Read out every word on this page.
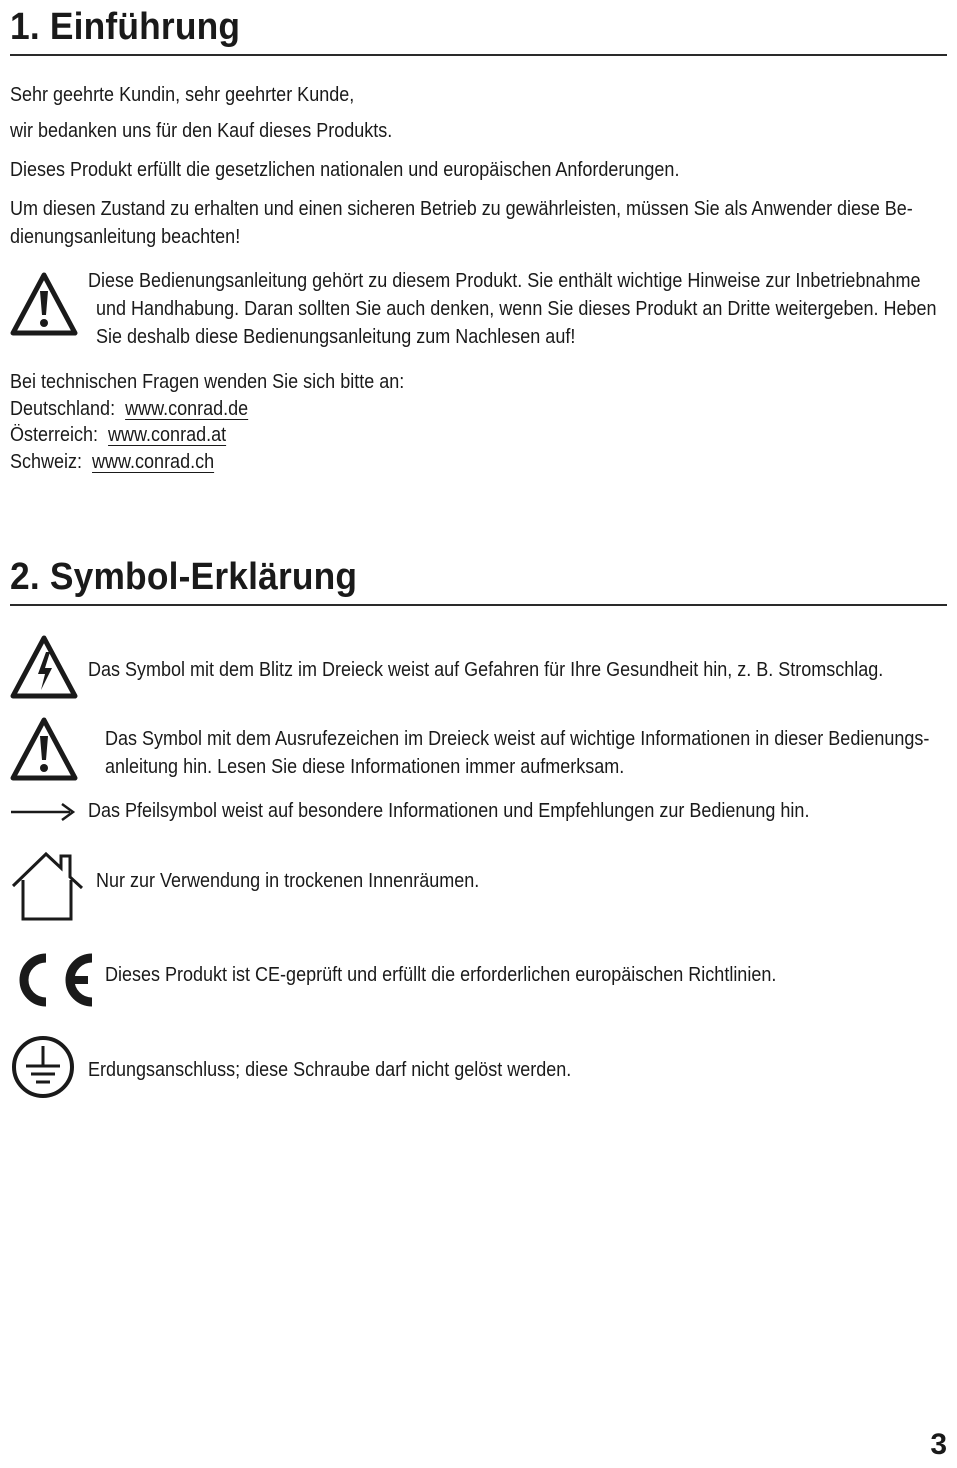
1. Einführung
Sehr geehrte Kundin, sehr geehrter Kunde,
wir bedanken uns für den Kauf dieses Produkts.
Dieses Produkt erfüllt die gesetzlichen nationalen und europäischen Anforderungen.
Um diesen Zustand zu erhalten und einen sicheren Betrieb zu gewährleisten, müssen Sie als Anwender diese Be-
dienungsanleitung beachten!
Diese Bedienungsanleitung gehört zu diesem Produkt. Sie enthält wichtige Hinweise zur Inbetriebnahme
und Handhabung. Daran sollten Sie auch denken, wenn Sie dieses Produkt an Dritte weitergeben. Heben
Sie deshalb diese Bedienungsanleitung zum Nachlesen auf!
Bei technischen Fragen wenden Sie sich bitte an:
Deutschland: www.conrad.de
Österreich: www.conrad.at
Schweiz: www.conrad.ch
2. Symbol-Erklärung
Das Symbol mit dem Blitz im Dreieck weist auf Gefahren für Ihre Gesundheit hin, z. B. Stromschlag.
Das Symbol mit dem Ausrufezeichen im Dreieck weist auf wichtige Informationen in dieser Bedienungs-
anleitung hin. Lesen Sie diese Informationen immer aufmerksam.
Das Pfeilsymbol weist auf besondere Informationen und Empfehlungen zur Bedienung hin.
Nur zur Verwendung in trockenen Innenräumen.
Dieses Produkt ist CE-geprüft und erfüllt die erforderlichen europäischen Richtlinien.
Erdungsanschluss; diese Schraube darf nicht gelöst werden.
3
